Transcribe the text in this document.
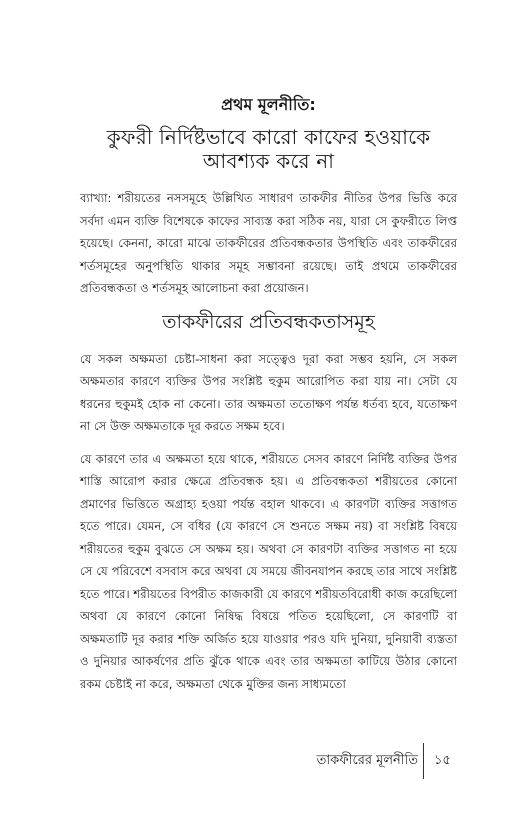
প্রথম মূলনীতি:
কুফরী নির্দিষ্টভাবে কারো কাফের হওয়াকে আবশ্যক করে না

ব্যাখ্যা: শরীয়তের নসসমূহে উল্লিখিত সাধারণ তাকফীর নীতির উপর ভিত্তি করে সর্বদা এমন ব্যক্তি বিশেষকে কাফের সাব্যস্ত করা সঠিক নয়, যারা সে কুফরীতে লিপ্ত হয়েছে। কেননা, কারো মাঝে তাকফীরের প্রতিবন্ধকতার উপস্থিতি এবং তাকফীরের শর্তসমূহের অনুপস্থিতি থাকার সমূহ সম্ভাবনা রয়েছে। তাই প্রথমে তাকফীরের প্রতিবন্ধকতা ও শর্তসমূহ আলোচনা করা প্রয়োজন।

তাকফীরের প্রতিবন্ধকতাসমূহ

যে সকল অক্ষমতা চেষ্টা-সাধনা করা সত্ত্বেও দূরা করা সম্ভব হয়নি, সে সকল অক্ষমতার কারণে ব্যক্তির উপর সংশ্লিষ্ট হুকুম আরোপিত করা যায় না। সেটা যে ধরনের হুকুমই হোক না কেনো। তার অক্ষমতা ততোক্ষণ পর্যন্ত ধর্তব্য হবে, যতোক্ষণ না সে উক্ত অক্ষমতাকে দূর করতে সক্ষম হবে।

যে কারণে তার এ অক্ষমতা হয়ে থাকে, শরীয়তে সেসব কারণে নির্দিষ্ট ব্যক্তির উপর শাস্তি আরোপ করার ক্ষেত্রে প্রতিবন্ধক হয়। এ প্রতিবন্ধকতা শরীয়তের কোনো প্রমাণের ভিত্তিতে অগ্রাহ্য হওয়া পর্যন্ত বহাল থাকবে। এ কারণটা ব্যক্তির সত্তাগত হতে পারে। যেমন, সে বধির (যে কারণে সে শুনতে সক্ষম নয়) বা সংশ্লিষ্ট বিষয়ে শরীয়তের হুকুম বুঝতে সে অক্ষম হয়। অথবা সে কারণটা ব্যক্তির সত্তাগত না হয়ে সে যে পরিবেশে বসবাস করে অথবা যে সময়ে জীবনযাপন করছে তার সাথে সংশ্লিষ্ট হতে পারে। শরীয়তের বিপরীত কাজকারী যে কারণে শরীয়তবিরোধী কাজ করেছিলো অথবা যে কারণে কোনো নিষিদ্ধ বিষয়ে পতিত হয়েছিলো, সে কারণটি বা অক্ষমতাটি দূর করার শক্তি অর্জিত হয়ে যাওয়ার পরও যদি দুনিয়া, দুনিয়াবী ব্যস্ততা ও দুনিয়ার আকর্ষণের প্রতি ঝুঁকে থাকে এবং তার অক্ষমতা কাটিয়ে উঠার কোনো রকম চেষ্টাই না করে, অক্ষমতা থেকে মুক্তির জন্য সাধ্যমতো

তাকফীরের মূলনীতি ১৫
